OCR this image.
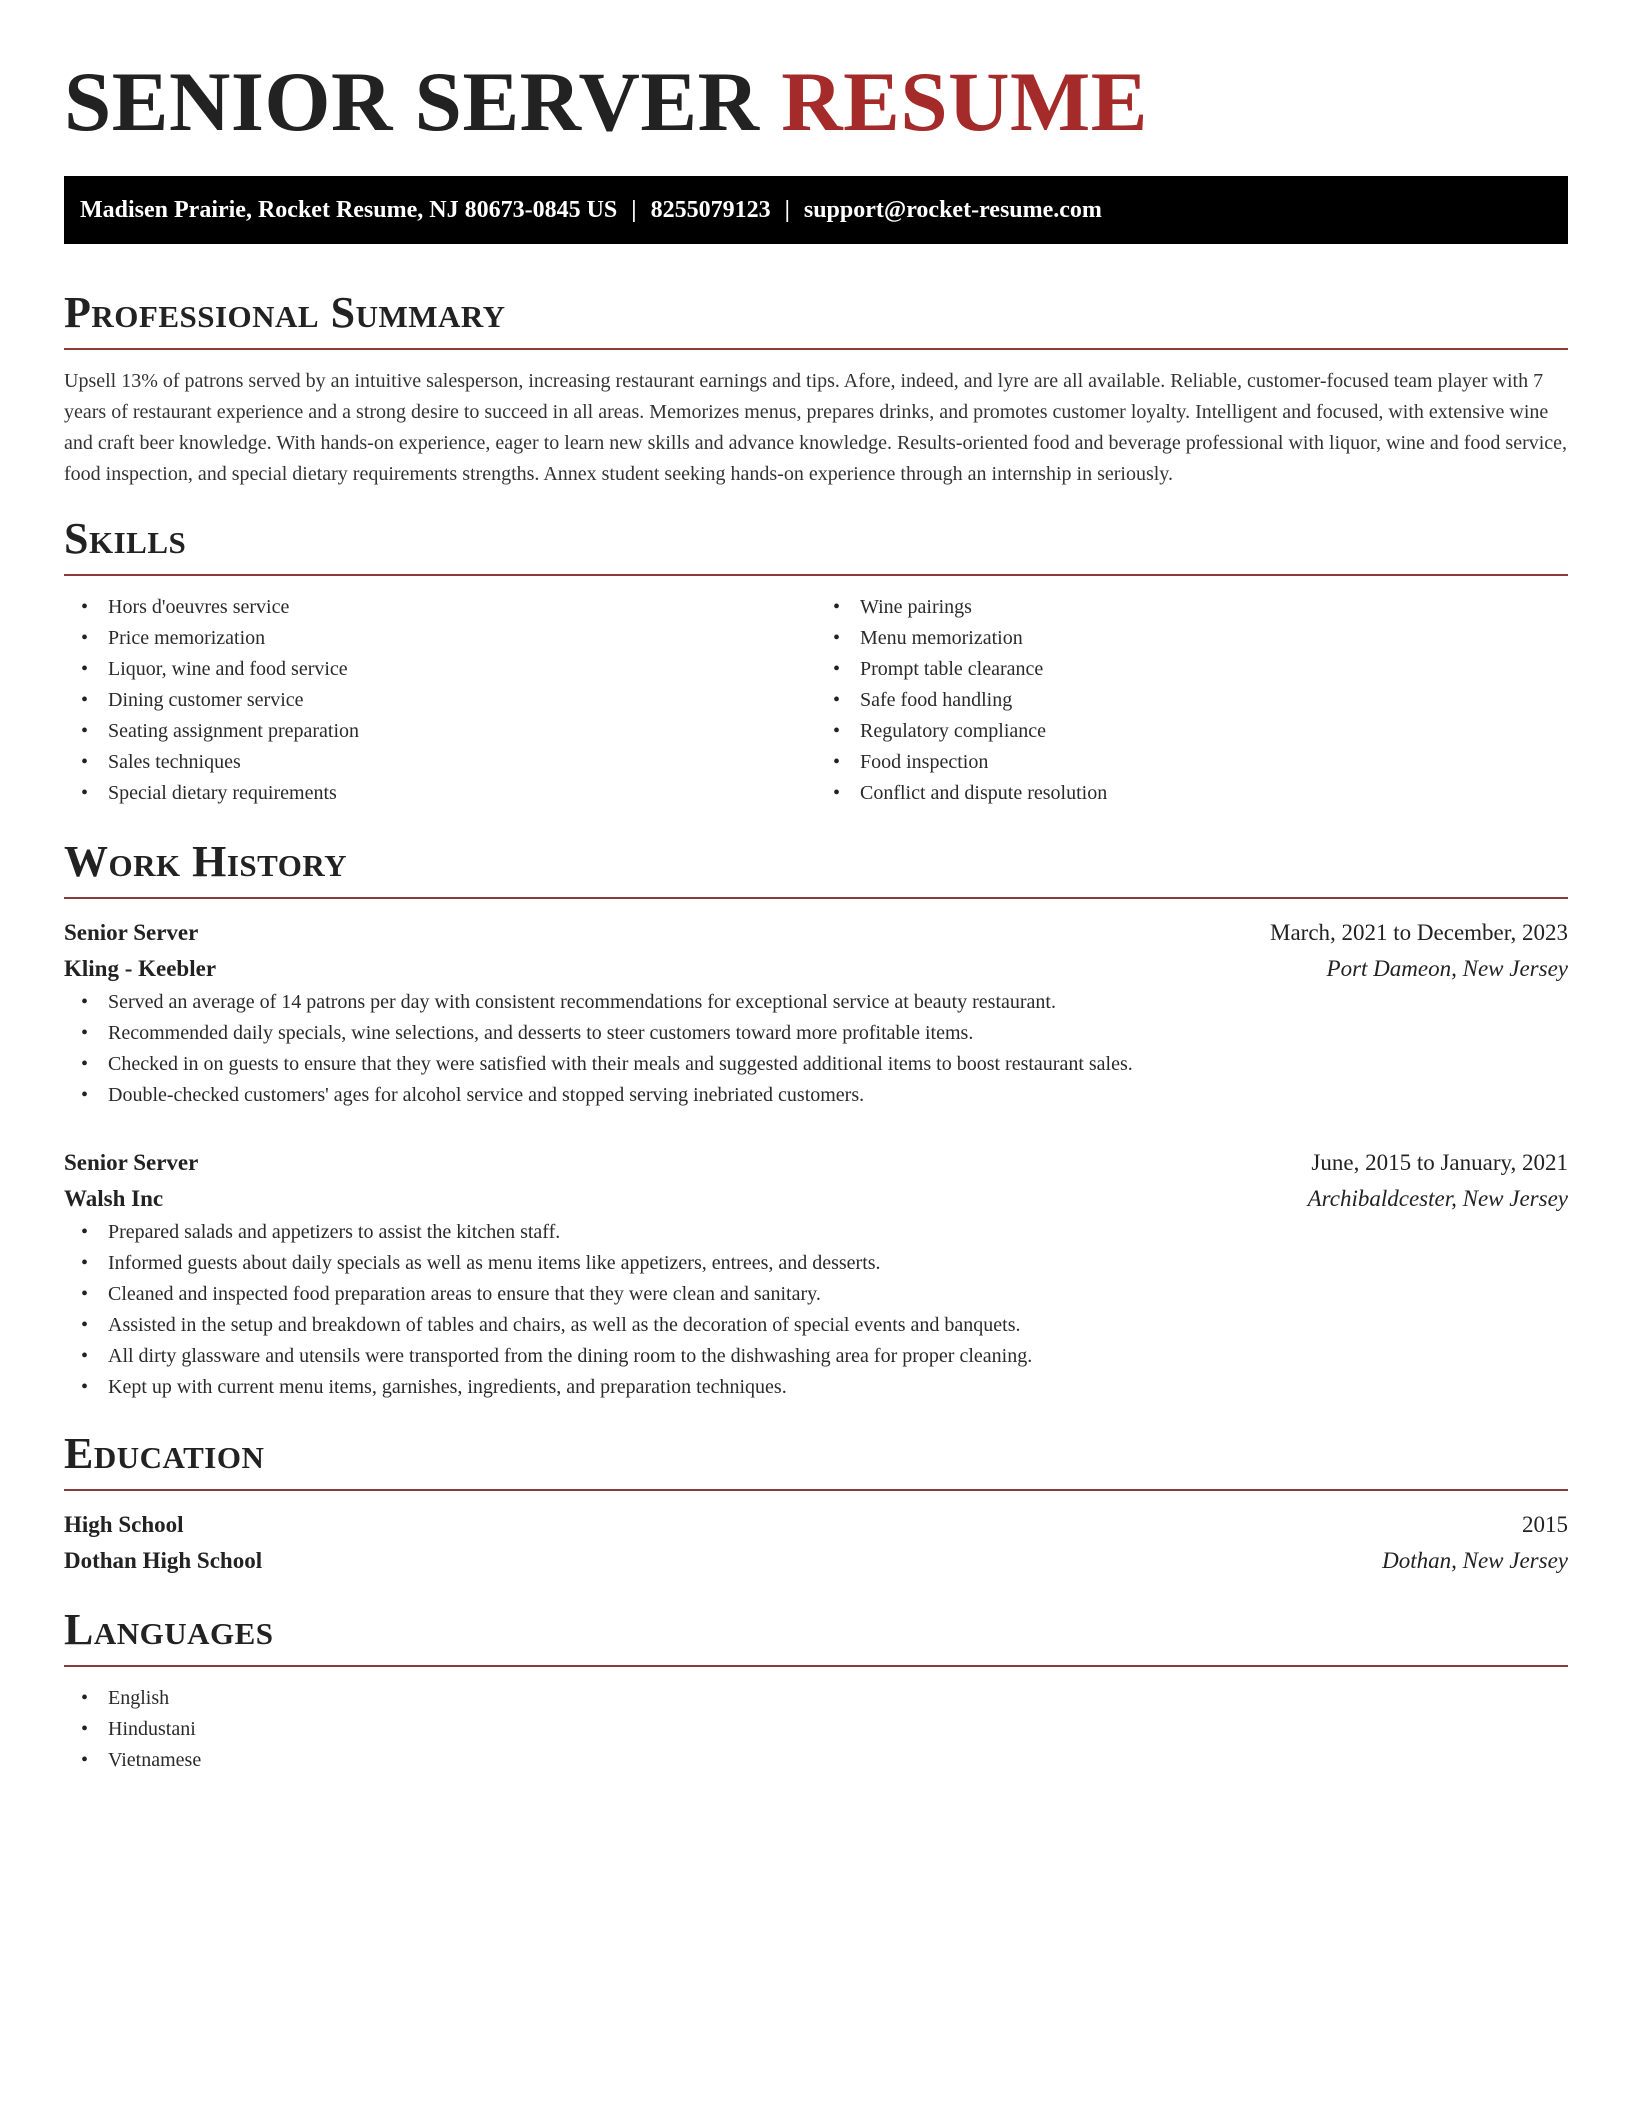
SENIOR SERVER RESUME
Madisen Prairie, Rocket Resume, NJ 80673-0845 US | 8255079123 | support@rocket-resume.com
Professional Summary

Upsell 13% of patrons served by an intuitive salesperson, increasing restaurant earnings and tips. Afore, indeed, and lyre are all available. Reliable, customer-focused team player with 7 years of restaurant experience and a strong desire to succeed in all areas. Memorizes menus, prepares drinks, and promotes customer loyalty. Intelligent and focused, with extensive wine and craft beer knowledge. With hands-on experience, eager to learn new skills and advance knowledge. Results-oriented food and beverage professional with liquor, wine and food service, food inspection, and special dietary requirements strengths. Annex student seeking hands-on experience through an internship in seriously.

Skills
• Hors d'oeuvres service
• Price memorization
• Liquor, wine and food service
• Dining customer service
• Seating assignment preparation
• Sales techniques
• Special dietary requirements
• Wine pairings
• Menu memorization
• Prompt table clearance
• Safe food handling
• Regulatory compliance
• Food inspection
• Conflict and dispute resolution
Work History
Senior Server	March, 2021 to December, 2023
Kling - Keebler	Port Dameon, New Jersey
• Served an average of 14 patrons per day with consistent recommendations for exceptional service at beauty restaurant.
• Recommended daily specials, wine selections, and desserts to steer customers toward more profitable items.
• Checked in on guests to ensure that they were satisfied with their meals and suggested additional items to boost restaurant sales.
• Double-checked customers' ages for alcohol service and stopped serving inebriated customers.
Senior Server	June, 2015 to January, 2021
Walsh Inc	Archibaldcester, New Jersey
• Prepared salads and appetizers to assist the kitchen staff.
• Informed guests about daily specials as well as menu items like appetizers, entrees, and desserts.
• Cleaned and inspected food preparation areas to ensure that they were clean and sanitary.
• Assisted in the setup and breakdown of tables and chairs, as well as the decoration of special events and banquets.
• All dirty glassware and utensils were transported from the dining room to the dishwashing area for proper cleaning.
• Kept up with current menu items, garnishes, ingredients, and preparation techniques.
Education
High School	2015
Dothan High School	Dothan, New Jersey
Languages
• English
• Hindustani
• Vietnamese
